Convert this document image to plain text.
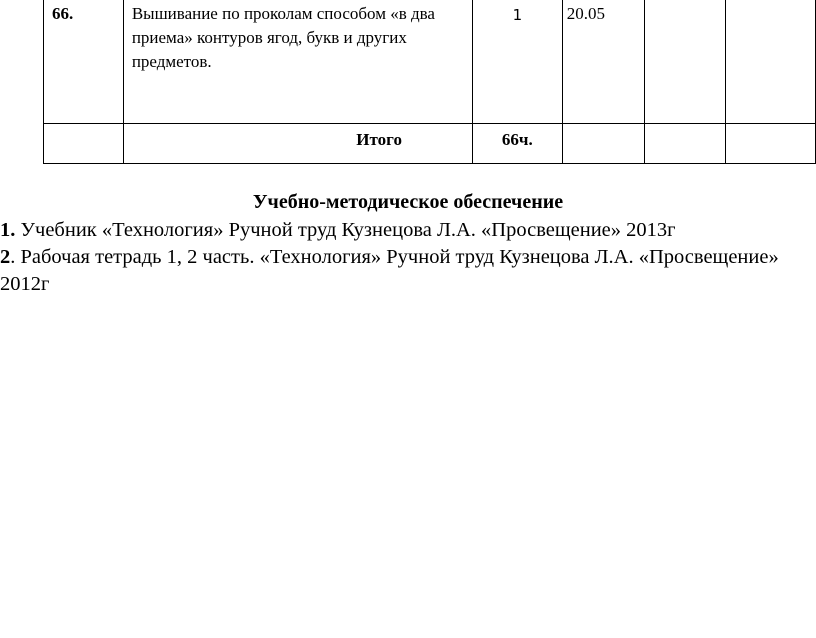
66.	Вышивание по проколам способом «в два приема» контуров ягод, букв и других предметов.	1	20.05		

	Итого	66ч.			

Учебно-методическое обеспечение
1. Учебник «Технология» Ручной труд Кузнецова Л.А. «Просвещение» 2013г
2. Рабочая тетрадь 1, 2 часть. «Технология» Ручной труд Кузнецова Л.А. «Просвещение» 2012г
